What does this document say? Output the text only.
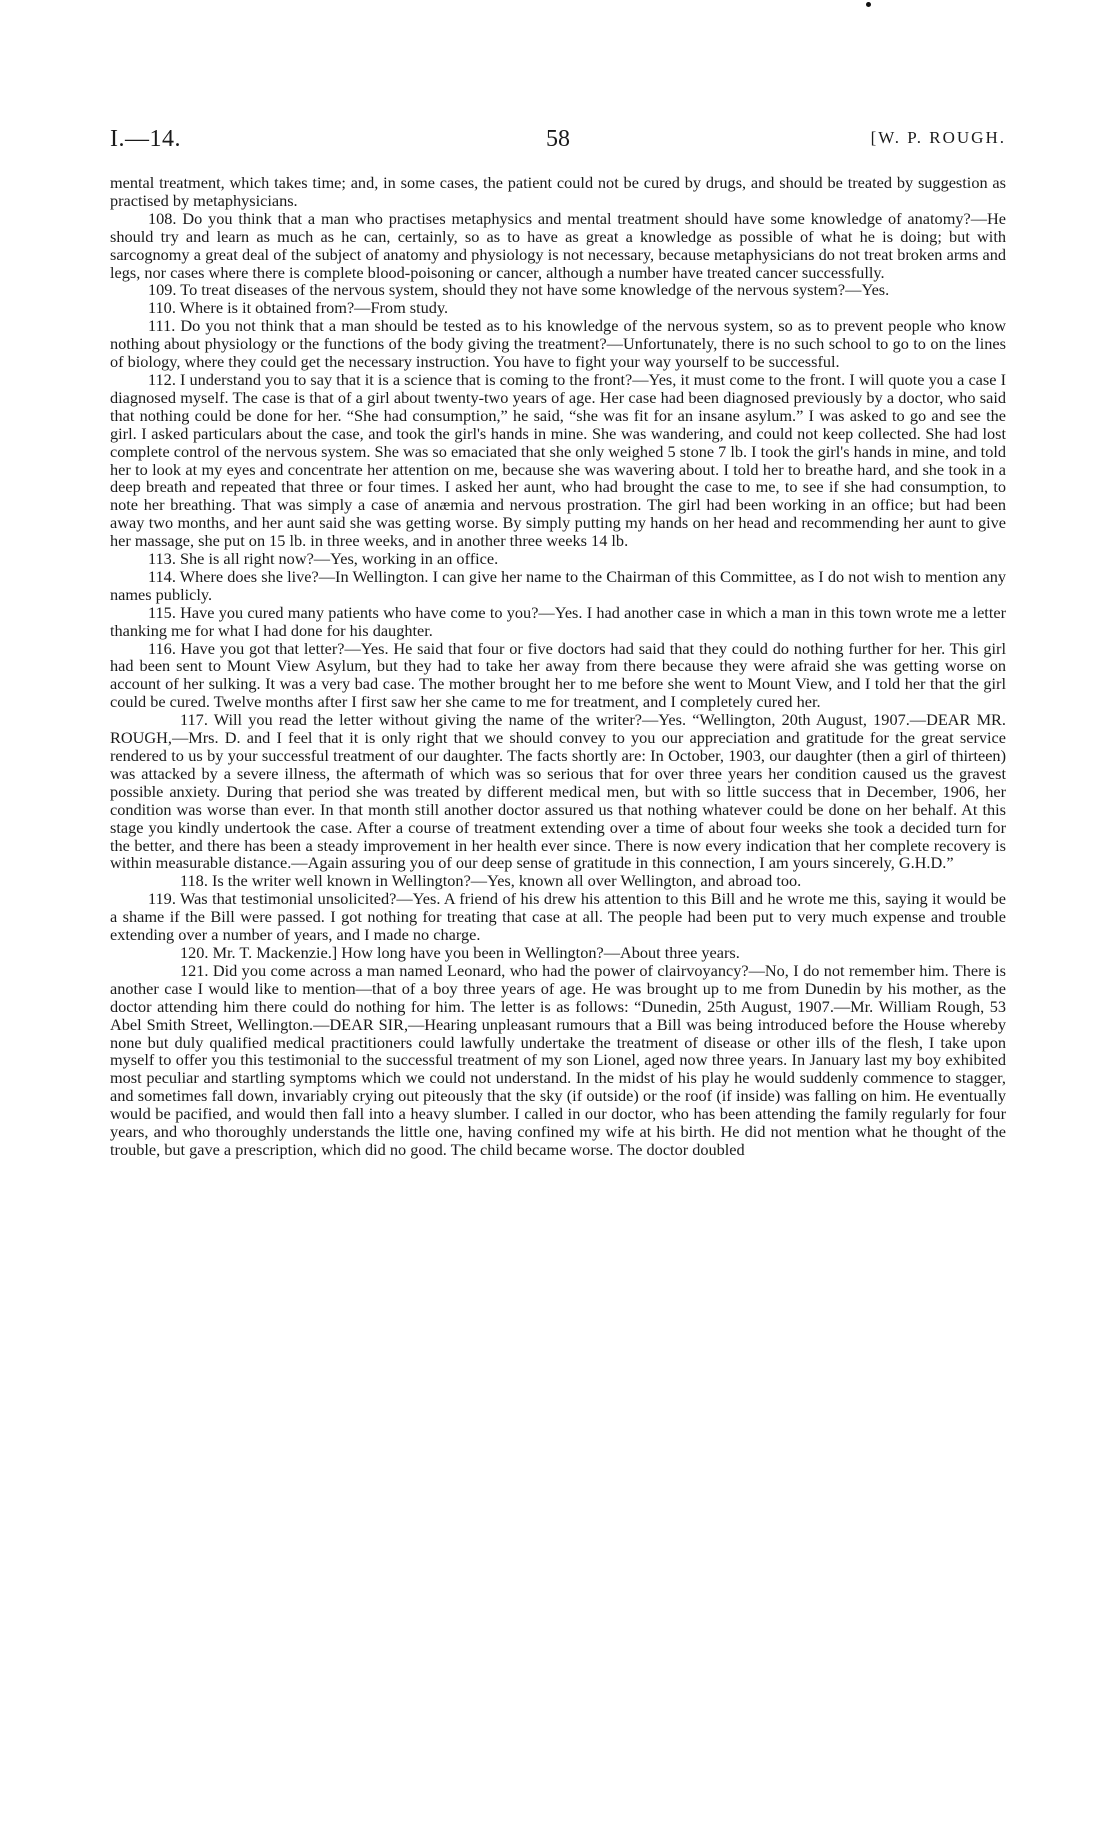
I.—14.	58	[W. P. ROUGH.

mental treatment, which takes time; and, in some cases, the patient could not be cured by drugs, and should be treated by suggestion as practised by metaphysicians.

108. Do you think that a man who practises metaphysics and mental treatment should have some knowledge of anatomy?—He should try and learn as much as he can, certainly, so as to have as great a knowledge as possible of what he is doing; but with sarcognomy a great deal of the subject of anatomy and physiology is not necessary, because metaphysicians do not treat broken arms and legs, nor cases where there is complete blood-poisoning or cancer, although a number have treated cancer successfully.

109. To treat diseases of the nervous system, should they not have some knowledge of the nervous system?—Yes.

110. Where is it obtained from?—From study.

111. Do you not think that a man should be tested as to his knowledge of the nervous system, so as to prevent people who know nothing about physiology or the functions of the body giving the treatment?—Unfortunately, there is no such school to go to on the lines of biology, where they could get the necessary instruction. You have to fight your way yourself to be successful.

112. I understand you to say that it is a science that is coming to the front?—Yes, it must come to the front. I will quote you a case I diagnosed myself. The case is that of a girl about twenty-two years of age. Her case had been diagnosed previously by a doctor, who said that nothing could be done for her. “She had consumption,” he said, “she was fit for an insane asylum.” I was asked to go and see the girl. I asked particulars about the case, and took the girl's hands in mine. She was wandering, and could not keep collected. She had lost complete control of the nervous system. She was so emaciated that she only weighed 5 stone 7 lb. I took the girl's hands in mine, and told her to look at my eyes and concentrate her attention on me, because she was wavering about. I told her to breathe hard, and she took in a deep breath and repeated that three or four times. I asked her aunt, who had brought the case to me, to see if she had consumption, to note her breathing. That was simply a case of anæmia and nervous prostration. The girl had been working in an office; but had been away two months, and her aunt said she was getting worse. By simply putting my hands on her head and recommending her aunt to give her massage, she put on 15 lb. in three weeks, and in another three weeks 14 lb.

113. She is all right now?—Yes, working in an office.

114. Where does she live?—In Wellington. I can give her name to the Chairman of this Committee, as I do not wish to mention any names publicly.

115. Have you cured many patients who have come to you?—Yes. I had another case in which a man in this town wrote me a letter thanking me for what I had done for his daughter.

116. Have you got that letter?—Yes. He said that four or five doctors had said that they could do nothing further for her. This girl had been sent to Mount View Asylum, but they had to take her away from there because they were afraid she was getting worse on account of her sulking. It was a very bad case. The mother brought her to me before she went to Mount View, and I told her that the girl could be cured. Twelve months after I first saw her she came to me for treatment, and I completely cured her.

117. Will you read the letter without giving the name of the writer?—Yes. “Wellington, 20th August, 1907.—DEAR MR. ROUGH,—Mrs. D. and I feel that it is only right that we should convey to you our appreciation and gratitude for the great service rendered to us by your successful treatment of our daughter. The facts shortly are: In October, 1903, our daughter (then a girl of thirteen) was attacked by a severe illness, the aftermath of which was so serious that for over three years her condition caused us the gravest possible anxiety. During that period she was treated by different medical men, but with so little success that in December, 1906, her condition was worse than ever. In that month still another doctor assured us that nothing whatever could be done on her behalf. At this stage you kindly undertook the case. After a course of treatment extending over a time of about four weeks she took a decided turn for the better, and there has been a steady improvement in her health ever since. There is now every indication that her complete recovery is within measurable distance.—Again assuring you of our deep sense of gratitude in this connection, I am yours sincerely, G.H.D.”

118. Is the writer well known in Wellington?—Yes, known all over Wellington, and abroad too.

119. Was that testimonial unsolicited?—Yes. A friend of his drew his attention to this Bill and he wrote me this, saying it would be a shame if the Bill were passed. I got nothing for treating that case at all. The people had been put to very much expense and trouble extending over a number of years, and I made no charge.

120. Mr. T. Mackenzie.] How long have you been in Wellington?—About three years.

121. Did you come across a man named Leonard, who had the power of clairvoyancy?—No, I do not remember him. There is another case I would like to mention—that of a boy three years of age. He was brought up to me from Dunedin by his mother, as the doctor attending him there could do nothing for him. The letter is as follows: “Dunedin, 25th August, 1907.—Mr. William Rough, 53 Abel Smith Street, Wellington.—DEAR SIR,—Hearing unpleasant rumours that a Bill was being introduced before the House whereby none but duly qualified medical practitioners could lawfully undertake the treatment of disease or other ills of the flesh, I take upon myself to offer you this testimonial to the successful treatment of my son Lionel, aged now three years. In January last my boy exhibited most peculiar and startling symptoms which we could not understand. In the midst of his play he would suddenly commence to stagger, and sometimes fall down, invariably crying out piteously that the sky (if outside) or the roof (if inside) was falling on him. He eventually would be pacified, and would then fall into a heavy slumber. I called in our doctor, who has been attending the family regularly for four years, and who thoroughly understands the little one, having confined my wife at his birth. He did not mention what he thought of the trouble, but gave a prescription, which did no good. The child became worse. The doctor doubled
